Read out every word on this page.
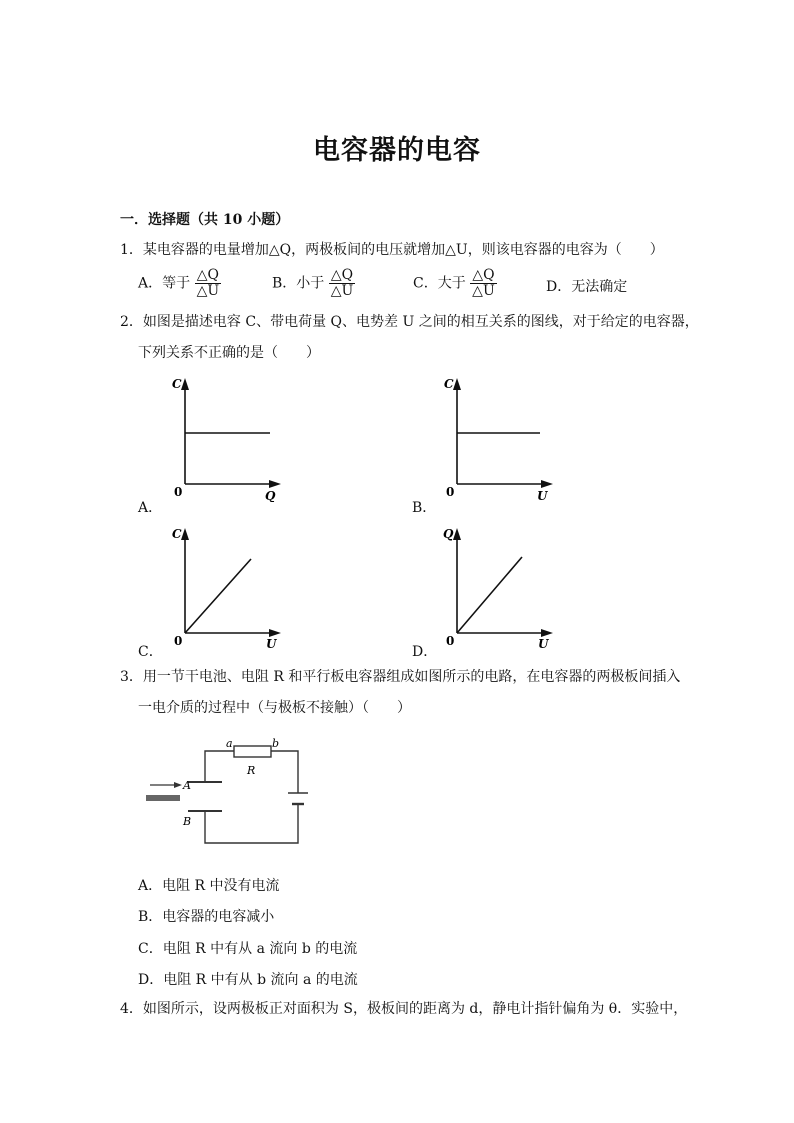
电容器的电容
一．选择题（共 10 小题）
1．某电容器的电量增加△Q，两极板间的电压就增加△U，则该电容器的电容为（　　）
A．等于 $\frac{\triangle Q}{\triangle U}$	B．小于 $\frac{\triangle Q}{\triangle U}$	C．大于 $\frac{\triangle Q}{\triangle U}$	D．无法确定
2．如图是描述电容 C、带电荷量 Q、电势差 U 之间的相互关系的图线，对于给定的电容器，
下列关系不正确的是（　　）
C
Q
0
A．
C
U
0
B．
C
U
0
C．
Q
U
0
D．
3．用一节干电池、电阻 R 和平行板电容器组成如图所示的电路，在电容器的两极板间插入
一电介质的过程中（与极板不接触）（　　）
a	b
R
A
B
A．电阻 R 中没有电流
B．电容器的电容减小
C．电阻 R 中有从 a 流向 b 的电流
D．电阻 R 中有从 b 流向 a 的电流
4．如图所示，设两极板正对面积为 S，极板间的距离为 d，静电计指针偏角为 θ．实验中，
